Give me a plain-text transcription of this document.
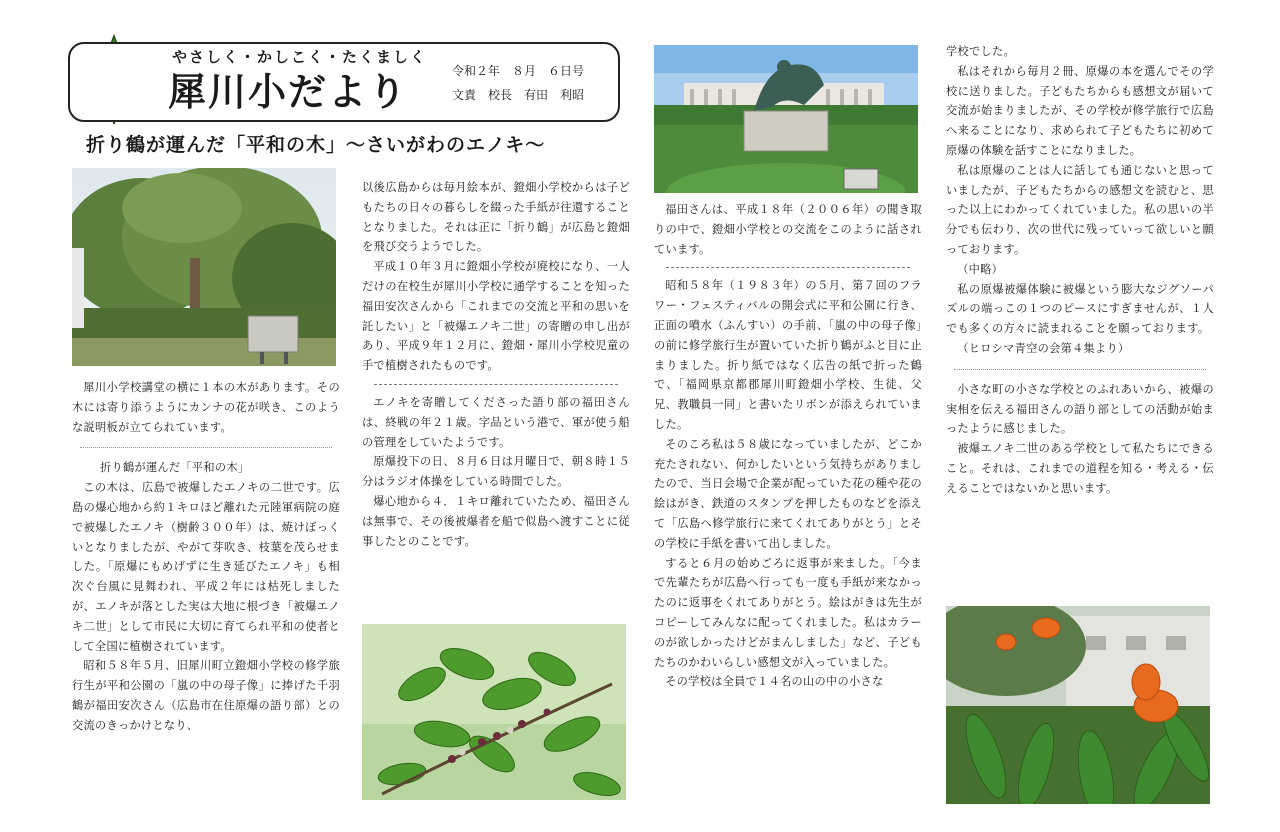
やさしく・かしこく・たくましく
犀川小だより	令和２年　８月　６日号
文責　校長　有田　利昭
折り鶴が運んだ「平和の木」～さいがわのエノキ～

犀川小学校講堂の横に１本の木があります。その木には寄り添うようにカンナの花が咲き、このような説明板が立てられています。

折り鶴が運んだ「平和の木」

この木は、広島で被爆したエノキの二世です。広島の爆心地から約１キロほど離れた元陸軍病院の庭で被爆したエノキ（樹齢３００年）は、焼けぼっくいとなりましたが、やがて芽吹き、枝葉を茂らせました。「原爆にもめげずに生き延びたエノキ」も相次ぐ台風に見舞われ、平成２年には枯死しましたが、エノキが落とした実は大地に根づき「被爆エノキ二世」として市民に大切に育てられ平和の使者として全国に植樹されています。

昭和５８年５月、旧犀川町立鐙畑小学校の修学旅行生が平和公園の「嵐の中の母子像」に捧げた千羽鶴が福田安次さん（広島市在住原爆の語り部）との交流のきっかけとなり、

以後広島からは毎月絵本が、鐙畑小学校からは子どもたちの日々の暮らしを綴った手紙が往還することとなりました。それは正に「折り鶴」が広島と鐙畑を飛び交うようでした。

平成１０年３月に鐙畑小学校が廃校になり、一人だけの在校生が犀川小学校に通学することを知った福田安次さんから「これまでの交流と平和の思いを託したい」と「被爆エノキ二世」の寄贈の申し出があり、平成９年１２月に、鐙畑・犀川小学校児童の手で植樹されたものです。

エノキを寄贈してくださった語り部の福田さんは、終戦の年２１歳。字品という港で、軍が使う船の管理をしていたようです。

原爆投下の日、８月６日は月曜日で、朝８時１５分はラジオ体操をしている時間でした。

爆心地から４．１キロ離れていたため、福田さんは無事で、その後被爆者を船で似島へ渡すことに従事したとのことです。

福田さんは、平成１８年（２００６年）の聞き取りの中で、鐙畑小学校との交流をこのように話されています。

昭和５８年（１９８３年）の５月、第７回のフラワー・フェスティバルの開会式に平和公園に行き、正面の噴水（ふんすい）の手前、「嵐の中の母子像」の前に修学旅行生が置いていた折り鶴がふと目に止まりました。折り紙ではなく広告の紙で折った鶴で、「福岡県京都郡犀川町鐙畑小学校、生徒、父兄、教職員一同」と書いたリボンが添えられていました。

そのころ私は５８歳になっていましたが、どこか充たされない、何かしたいという気持ちがありましたので、当日会場で企業が配っていた花の種や花の絵はがき、鉄道のスタンプを押したものなどを添えて「広島へ修学旅行に来てくれてありがとう」とその学校に手紙を書いて出しました。

すると６月の始めごろに返事が来ました。「今まで先輩たちが広島へ行っても一度も手紙が来なかったのに返事をくれてありがとう。絵はがきは先生がコピーしてみんなに配ってくれました。私はカラーのが欲しかったけどがまんしました」など、子どもたちのかわいらしい感想文が入っていました。

その学校は全員で１４名の山の中の小さな

学校でした。

私はそれから毎月２冊、原爆の本を選んでその学校に送りました。子どもたちからも感想文が届いて交流が始まりましたが、その学校が修学旅行で広島へ来ることになり、求められて子どもたちに初めて原爆の体験を話すことになりました。

私は原爆のことは人に話しても通じないと思っていましたが、子どもたちからの感想文を読むと、思った以上にわかってくれていました。私の思いの半分でも伝わり、次の世代に残っていって欲しいと願っております。

（中略）

私の原爆被爆体験に被爆という膨大なジグソーパズルの端っこの１つのピースにすぎませんが、１人でも多くの方々に読まれることを願っております。

（ヒロシマ青空の会第４集より）

小さな町の小さな学校とのふれあいから、被爆の実相を伝える福田さんの語り部としての活動が始まったように感じました。

被爆エノキ二世のある学校として私たちにできること。それは、これまでの道程を知る・考える・伝えることではないかと思います。
